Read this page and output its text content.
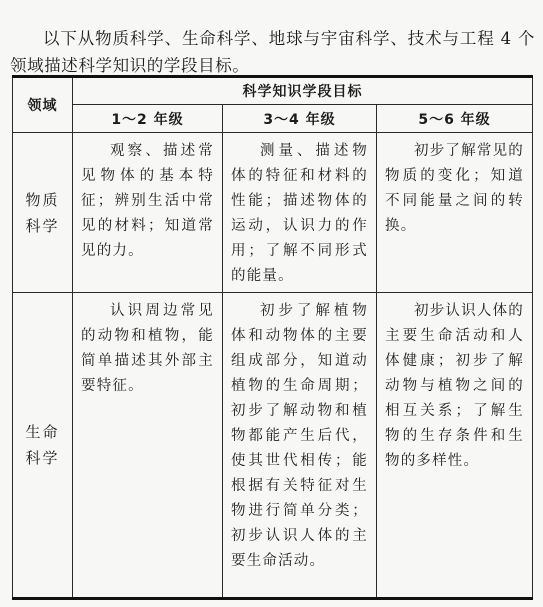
以下从物质科学、生命科学、地球与宇宙科学、技术与工程 4 个领域描述科学知识的学段目标。

领域	科学知识学段目标		
	1～2 年级	3～4 年级	5～6 年级

物质
科学	观察、描述常见物体的基本特征；辨别生活中常见的材料；知道常见的力。	测量、描述物体的特征和材料的性能；描述物体的运动，认识力的作用；了解不同形式的能量。	初步了解常见的物质的变化；知道不同能量之间的转换。

生命
科学	认识周边常见的动物和植物，能简单描述其外部主要特征。	初步了解植物体和动物体的主要组成部分，知道动植物的生命周期；初步了解动物和植物都能产生后代，使其世代相传；能根据有关特征对生物进行简单分类；初步认识人体的主要生命活动。	初步认识人体的主要生命活动和人体健康；初步了解动物与植物之间的相互关系；了解生物的生存条件和生物的多样性。
